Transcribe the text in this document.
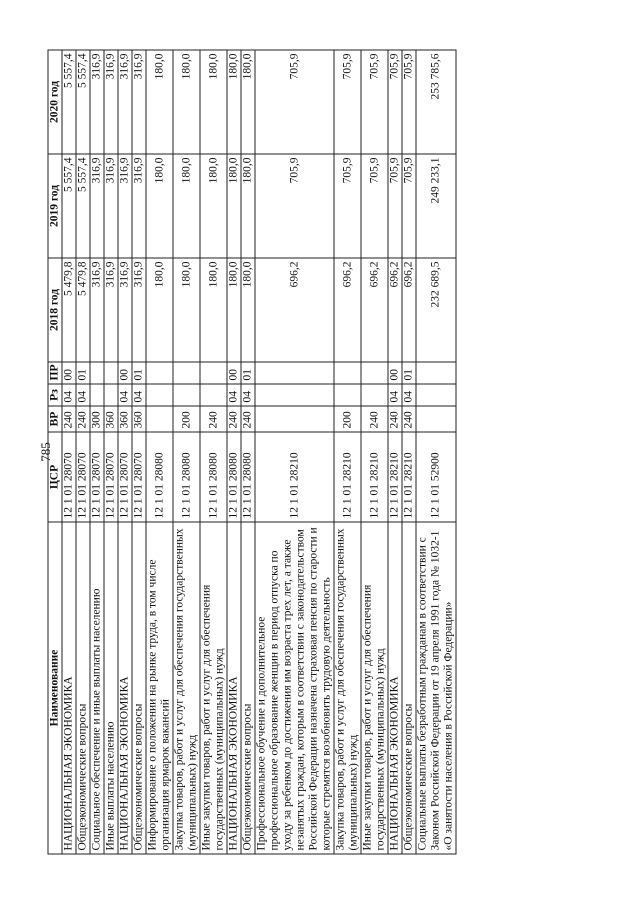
785
Наименование	ЦСР	ВР	Рз	ПР	2018 год	2019 год	2020 год
НАЦИОНАЛЬНАЯ ЭКОНОМИКА	12 1 01 28070	240	04	00	5 479,8	5 557,4	5 557,4
Общеэкономические вопросы	12 1 01 28070	240	04	01	5 479,8	5 557,4	5 557,4
Социальное обеспечение и иные выплаты населению	12 1 01 28070	300			316,9	316,9	316,9
Иные выплаты населению	12 1 01 28070	360			316,9	316,9	316,9
НАЦИОНАЛЬНАЯ ЭКОНОМИКА	12 1 01 28070	360	04	00	316,9	316,9	316,9
Общеэкономические вопросы	12 1 01 28070	360	04	01	316,9	316,9	316,9
Информирование о положении на рынке труда, в том числе организация ярмарок вакансий	12 1 01 28080				180,0	180,0	180,0
Закупка товаров, работ и услуг для обеспечения государственных (муниципальных) нужд	12 1 01 28080	200			180,0	180,0	180,0
Иные закупки товаров, работ и услуг для обеспечения государственных (муниципальных) нужд	12 1 01 28080	240			180,0	180,0	180,0
НАЦИОНАЛЬНАЯ ЭКОНОМИКА	12 1 01 28080	240	04	00	180,0	180,0	180,0
Общеэкономические вопросы	12 1 01 28080	240	04	01	180,0	180,0	180,0
Профессиональное обучение и дополнительное профессиональное образование женщин в период отпуска по уходу за ребенком до достижения им возраста трех лет, а также незанятых граждан, которым в соответствии с законодательством Российской Федерации назначена страховая пенсия по старости и которые стремятся возобновить трудовую деятельность	12 1 01 28210				696,2	705,9	705,9
Закупка товаров, работ и услуг для обеспечения государственных (муниципальных) нужд	12 1 01 28210	200			696,2	705,9	705,9
Иные закупки товаров, работ и услуг для обеспечения государственных (муниципальных) нужд	12 1 01 28210	240			696,2	705,9	705,9
НАЦИОНАЛЬНАЯ ЭКОНОМИКА	12 1 01 28210	240	04	00	696,2	705,9	705,9
Общеэкономические вопросы	12 1 01 28210	240	04	01	696,2	705,9	705,9
Социальные выплаты безработным гражданам в соответствии с Законом Российской Федерации от 19 апреля 1991 года № 1032-1 «О занятости населения в Российской Федерации»	12 1 01 52900				232 689,5	249 233,1	253 785,6
